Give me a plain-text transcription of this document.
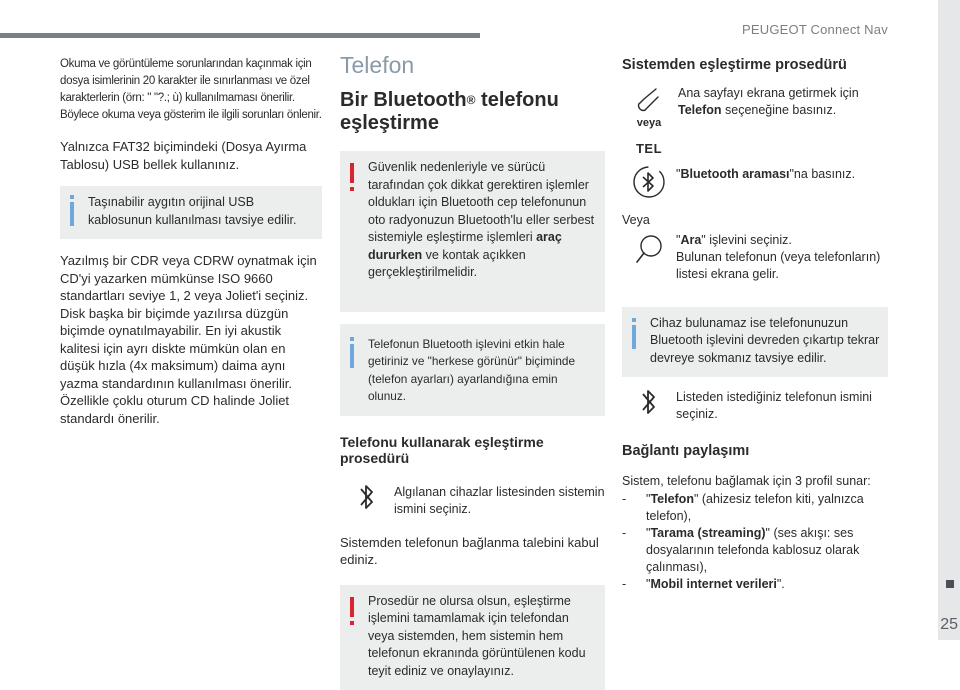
PEUGEOT Connect Nav
25

Okuma ve görüntüleme sorunlarından kaçınmak için dosya isimlerinin 20 karakter ile sınırlanması ve özel karakterlerin (örn: " "?.; ù) kullanılmaması önerilir. Böylece okuma veya gösterim ile ilgili sorunları önlenir.

Yalnızca FAT32 biçimindeki (Dosya Ayırma Tablosu) USB bellek kullanınız.

Taşınabilir aygıtın orijinal USB kablosunun kullanılması tavsiye edilir.

Yazılmış bir CDR veya CDRW oynatmak için CD'yi yazarken mümkünse ISO 9660 standartları seviye 1, 2 veya Joliet'i seçiniz. Disk başka bir biçimde yazılırsa düzgün biçimde oynatılmayabilir. En iyi akustik kalitesi için ayrı diskte mümkün olan en düşük hızla (4x maksimum) daima aynı yazma standardının kullanılması önerilir. Özellikle çoklu oturum CD halinde Joliet standardı önerilir.

Telefon
Bir Bluetooth® telefonu eşleştirme

Güvenlik nedenleriyle ve sürücü tarafından çok dikkat gerektiren işlemler oldukları için Bluetooth cep telefonunun oto radyonuzun Bluetooth'lu eller serbest sistemiyle eşleştirme işlemleri araç dururken ve kontak açıkken gerçekleştirilmelidir.

Telefonun Bluetooth işlevini etkin hale getiriniz ve "herkese görünür" biçiminde (telefon ayarları) ayarlandığına emin olunuz.

Telefonu kullanarak eşleştirme prosedürü

Algılanan cihazlar listesinden sistemin ismini seçiniz.

Sistemden telefonun bağlanma talebini kabul ediniz.

Prosedür ne olursa olsun, eşleştirme işlemini tamamlamak için telefondan veya sistemden, hem sistemin hem telefonun ekranında görüntülenen kodu teyit ediniz ve onaylayınız.

Sistemden eşleştirme prosedürü
veya
TEL

Ana sayfayı ekrana getirmek için Telefon seçeneğine basınız.

"Bluetooth araması"na basınız.

Veya

"Ara" işlevini seçiniz.
Bulunan telefonun (veya telefonların) listesi ekrana gelir.

Cihaz bulunamaz ise telefonunuzun Bluetooth işlevini devreden çıkartıp tekrar devreye sokmanız tavsiye edilir.

Listeden istediğiniz telefonun ismini seçiniz.

Bağlantı paylaşımı

Sistem, telefonu bağlamak için 3 profil sunar:

-	"Telefon" (ahizesiz telefon kiti, yalnızca telefon),
-	"Tarama (streaming)" (ses akışı: ses dosyalarının telefonda kablosuz olarak çalınması),
-	"Mobil internet verileri".
